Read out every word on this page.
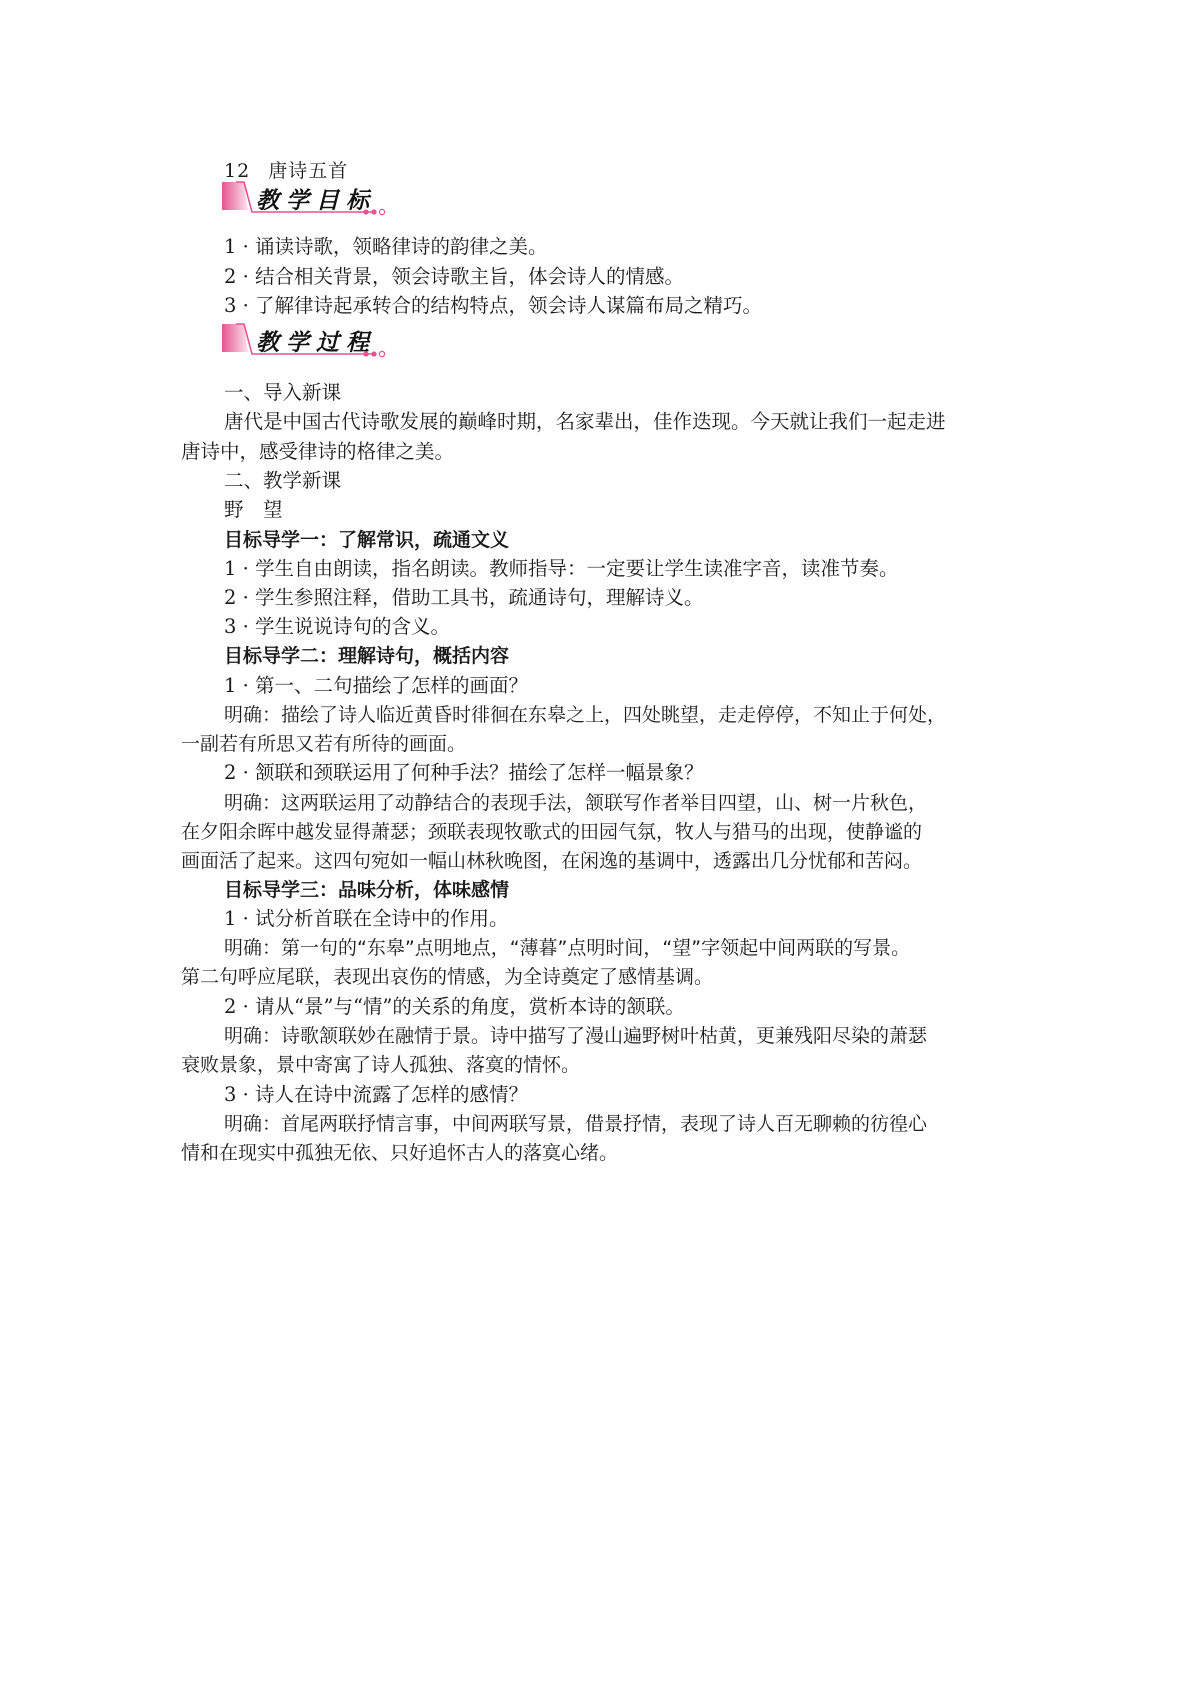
12 唐诗五首
教学目标
1 · 诵读诗歌，领略律诗的韵律之美。
2 · 结合相关背景，领会诗歌主旨，体会诗人的情感。
3 · 了解律诗起承转合的结构特点，领会诗人谋篇布局之精巧。
教学过程
一、导入新课
唐代是中国古代诗歌发展的巅峰时期，名家辈出，佳作迭现。今天就让我们一起走进
唐诗中，感受律诗的格律之美。
二、教学新课
野　望
目标导学一：了解常识，疏通文义
1 · 学生自由朗读，指名朗读。教师指导：一定要让学生读准字音，读准节奏。
2 · 学生参照注释，借助工具书，疏通诗句，理解诗义。
3 · 学生说说诗句的含义。
目标导学二：理解诗句，概括内容
1 · 第一、二句描绘了怎样的画面？
明确：描绘了诗人临近黄昏时徘徊在东皋之上，四处眺望，走走停停，不知止于何处，
一副若有所思又若有所待的画面。
2 · 颔联和颈联运用了何种手法？描绘了怎样一幅景象？
明确：这两联运用了动静结合的表现手法，颔联写作者举目四望，山、树一片秋色，
在夕阳余晖中越发显得萧瑟；颈联表现牧歌式的田园气氛，牧人与猎马的出现，使静谧的
画面活了起来。这四句宛如一幅山林秋晚图，在闲逸的基调中，透露出几分忧郁和苦闷。
目标导学三：品味分析，体味感情
1 · 试分析首联在全诗中的作用。
明确：第一句的“东皋”点明地点，“薄暮”点明时间，“望”字领起中间两联的写景。
第二句呼应尾联，表现出哀伤的情感，为全诗奠定了感情基调。
2 · 请从“景”与“情”的关系的角度，赏析本诗的颔联。
明确：诗歌颔联妙在融情于景。诗中描写了漫山遍野树叶枯黄，更兼残阳尽染的萧瑟
衰败景象，景中寄寓了诗人孤独、落寞的情怀。
3 · 诗人在诗中流露了怎样的感情？
明确：首尾两联抒情言事，中间两联写景，借景抒情，表现了诗人百无聊赖的彷徨心
情和在现实中孤独无依、只好追怀古人的落寞心绪。
